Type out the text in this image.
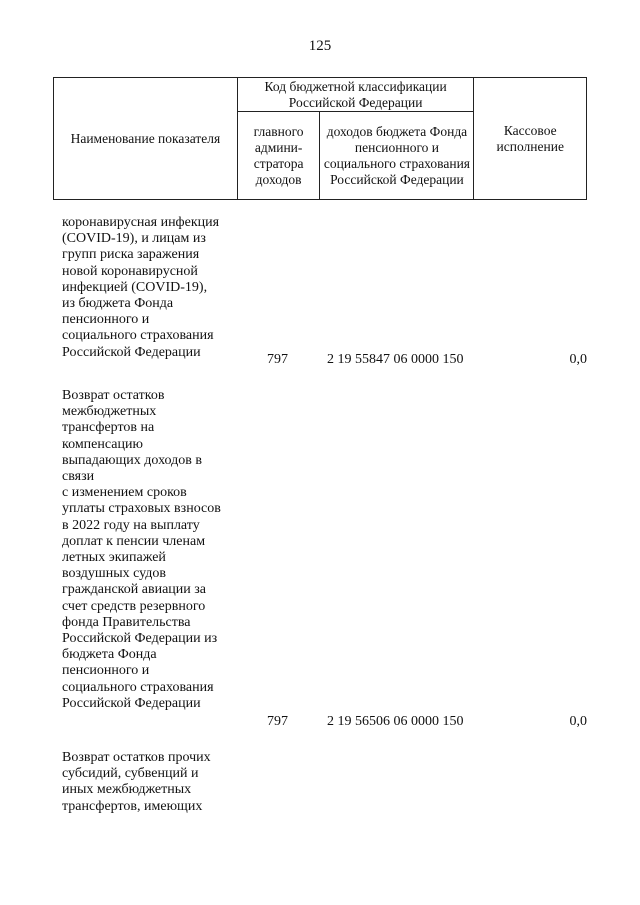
125
Наименование показателя	Код бюджетной классификации Российской Федерации		Кассовое исполнение
	главного админи-стратора доходов	доходов бюджета Фонда пенсионного и социального страхования Российской Федерации	
коронавирусная инфекция
(COVID-19), и лицам из
групп риска заражения
новой коронавирусной
инфекцией (COVID-19),
из бюджета Фонда
пенсионного и
социального страхования
Российской Федерации	797	2 19 55847 06 0000 150	0,0
Возврат остатков
межбюджетных
трансфертов на
компенсацию
выпадающих доходов в
связи
с изменением сроков
уплаты страховых взносов
в 2022 году на выплату
доплат к пенсии членам
летных экипажей
воздушных судов
гражданской авиации за
счет средств резервного
фонда Правительства
Российской Федерации из
бюджета Фонда
пенсионного и
социального страхования
Российской Федерации
797	2 19 56506 06 0000 150	0,0
Возврат остатков прочих
субсидий, субвенций и
иных межбюджетных
трансфертов, имеющих
